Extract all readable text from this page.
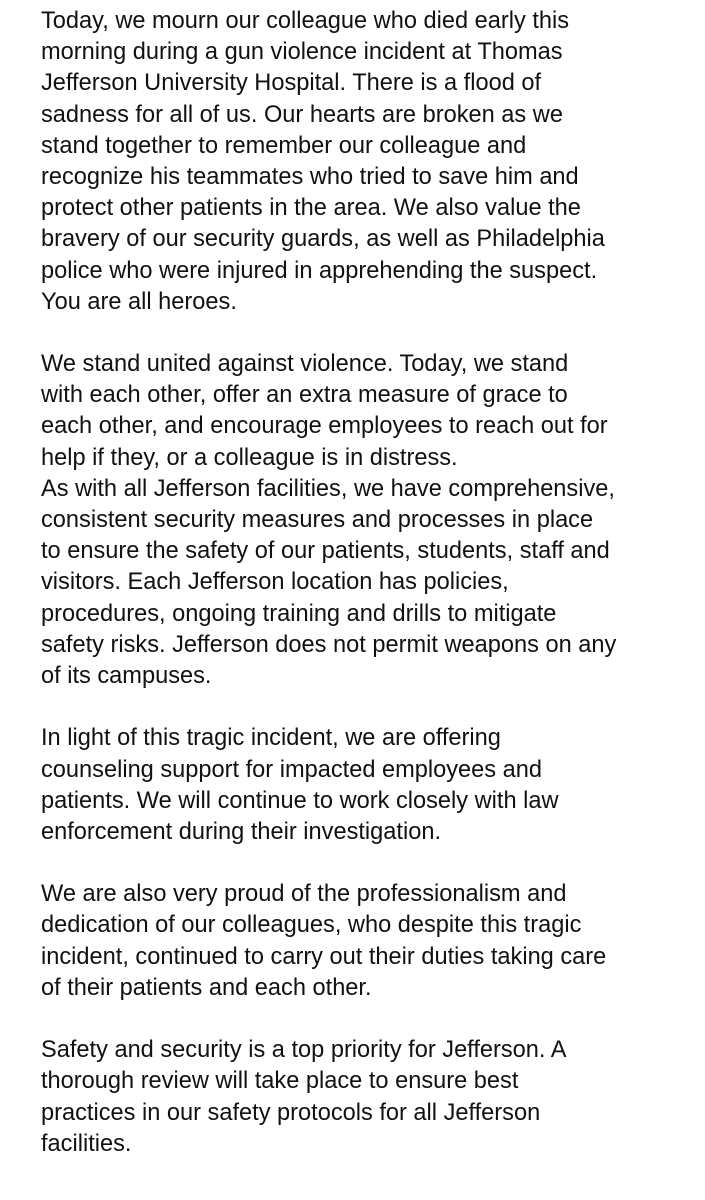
Today, we mourn our colleague who died early this
morning during a gun violence incident at Thomas
Jefferson University Hospital. There is a flood of
sadness for all of us. Our hearts are broken as we
stand together to remember our colleague and
recognize his teammates who tried to save him and
protect other patients in the area. We also value the
bravery of our security guards, as well as Philadelphia
police who were injured in apprehending the suspect.
You are all heroes.
We stand united against violence. Today, we stand
with each other, offer an extra measure of grace to
each other, and encourage employees to reach out for
help if they, or a colleague is in distress.
As with all Jefferson facilities, we have comprehensive,
consistent security measures and processes in place
to ensure the safety of our patients, students, staff and
visitors. Each Jefferson location has policies,
procedures, ongoing training and drills to mitigate
safety risks. Jefferson does not permit weapons on any
of its campuses.
In light of this tragic incident, we are offering
counseling support for impacted employees and
patients. We will continue to work closely with law
enforcement during their investigation.
We are also very proud of the professionalism and
dedication of our colleagues, who despite this tragic
incident, continued to carry out their duties taking care
of their patients and each other.
Safety and security is a top priority for Jefferson. A
thorough review will take place to ensure best
practices in our safety protocols for all Jefferson
facilities.
